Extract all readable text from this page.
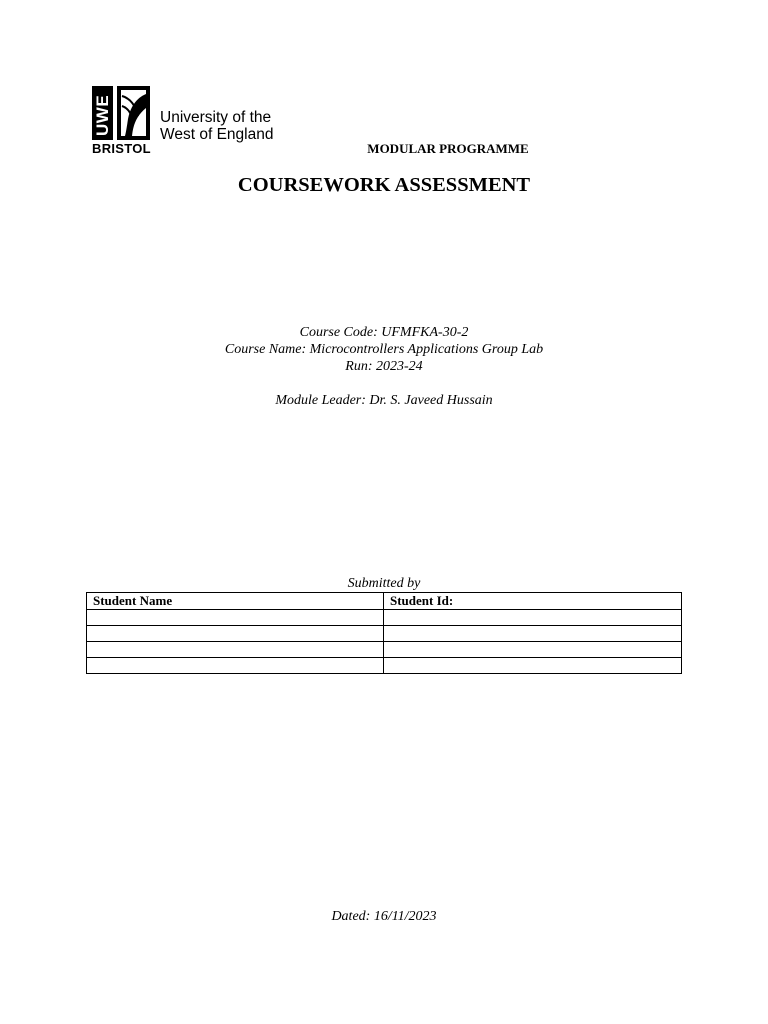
UWE	University of the
West of England
BRISTOL	MODULAR PROGRAMME
COURSEWORK ASSESSMENT
Course Code: UFMFKA-30-2
Course Name: Microcontrollers Applications Group Lab
Run: 2023-24
Module Leader: Dr. S. Javeed Hussain
Submitted by
Student Name	Student Id:

Dated: 16/11/2023
